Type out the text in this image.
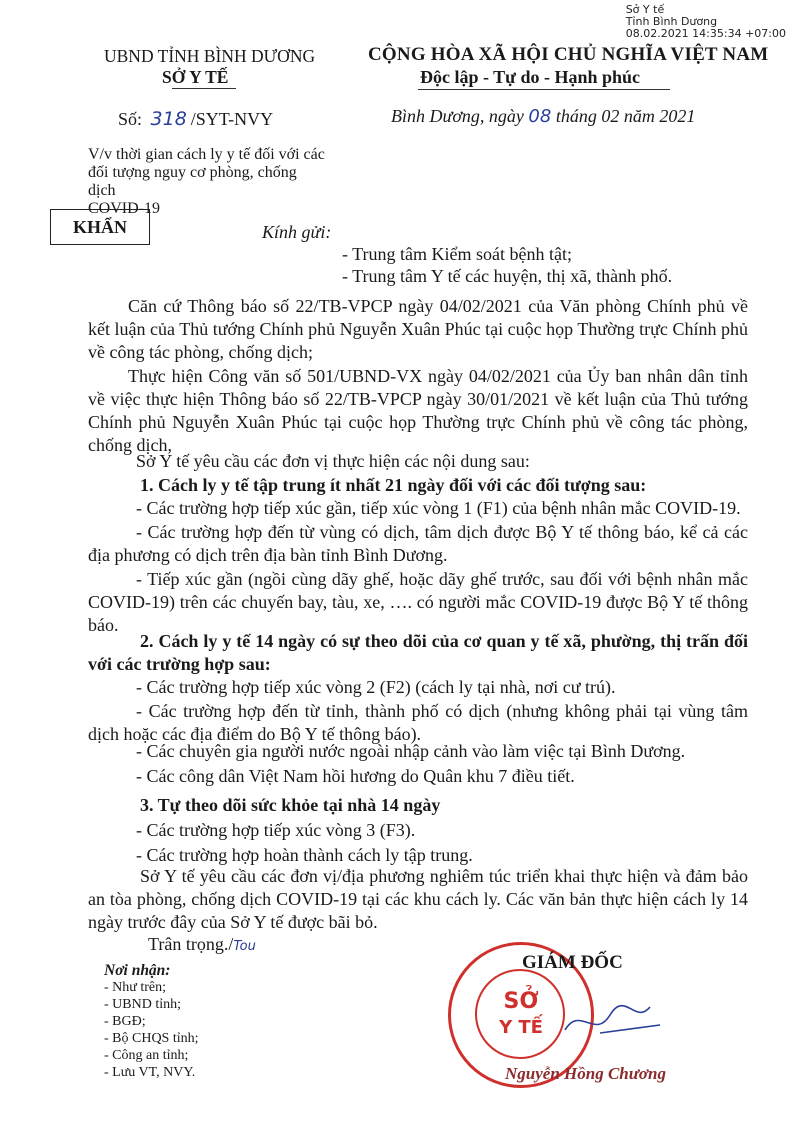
Sở Y tế
Tỉnh Bình Dương
08.02.2021 14:35:34 +07:00
UBND TỈNH BÌNH DƯƠNG
SỞ Y TẾ
CỘNG HÒA XÃ HỘI CHỦ NGHĨA VIỆT NAM
Độc lập - Tự do - Hạnh phúc
Số: 318 /SYT-NVY	Bình Dương, ngày 08 tháng 02 năm 2021
V/v thời gian cách ly y tế đối với các
đối tượng nguy cơ phòng, chống dịch
COVID-19
KHẨN	Kính gửi:
- Trung tâm Kiểm soát bệnh tật;
- Trung tâm Y tế các huyện, thị xã, thành phố.
Căn cứ Thông báo số 22/TB-VPCP ngày 04/02/2021 của Văn phòng Chính phủ về kết luận của Thủ tướng Chính phủ Nguyễn Xuân Phúc tại cuộc họp Thường trực Chính phủ về công tác phòng, chống dịch;
Thực hiện Công văn số 501/UBND-VX ngày 04/02/2021 của Ủy ban nhân dân tỉnh về việc thực hiện Thông báo số 22/TB-VPCP ngày 30/01/2021 về kết luận của Thủ tướng Chính phủ Nguyễn Xuân Phúc tại cuộc họp Thường trực Chính phủ về công tác phòng, chống dịch,
Sở Y tế yêu cầu các đơn vị thực hiện các nội dung sau:
1. Cách ly y tế tập trung ít nhất 21 ngày đối với các đối tượng sau:
- Các trường hợp tiếp xúc gần, tiếp xúc vòng 1 (F1) của bệnh nhân mắc COVID-19.
- Các trường hợp đến từ vùng có dịch, tâm dịch được Bộ Y tế thông báo, kể cả các địa phương có dịch trên địa bàn tỉnh Bình Dương.
- Tiếp xúc gần (ngồi cùng dãy ghế, hoặc dãy ghế trước, sau đối với bệnh nhân mắc COVID-19) trên các chuyến bay, tàu, xe, …. có người mắc COVID-19 được Bộ Y tế thông báo.
2. Cách ly y tế 14 ngày có sự theo dõi của cơ quan y tế xã, phường, thị trấn đối với các trường hợp sau:
- Các trường hợp tiếp xúc vòng 2 (F2) (cách ly tại nhà, nơi cư trú).
- Các trường hợp đến từ tỉnh, thành phố có dịch (nhưng không phải tại vùng tâm dịch hoặc các địa điểm do Bộ Y tế thông báo).
- Các chuyên gia người nước ngoài nhập cảnh vào làm việc tại Bình Dương.
- Các công dân Việt Nam hồi hương do Quân khu 7 điều tiết.
3. Tự theo dõi sức khỏe tại nhà 14 ngày
- Các trường hợp tiếp xúc vòng 3 (F3).
- Các trường hợp hoàn thành cách ly tập trung.
Sở Y tế yêu cầu các đơn vị/địa phương nghiêm túc triển khai thực hiện và đảm bảo an tòa phòng, chống dịch COVID-19 tại các khu cách ly. Các văn bản thực hiện cách ly 14 ngày trước đây của Sở Y tế được bãi bỏ.
Trân trọng./Tou
Nơi nhận:
- Như trên;
- UBND tỉnh;
- BGĐ;
- Bộ CHQS tỉnh;
- Công an tỉnh;
- Lưu VT, NVY.
SỞ
Y TẾ
GIÁM ĐỐC
Nguyễn Hồng Chương
